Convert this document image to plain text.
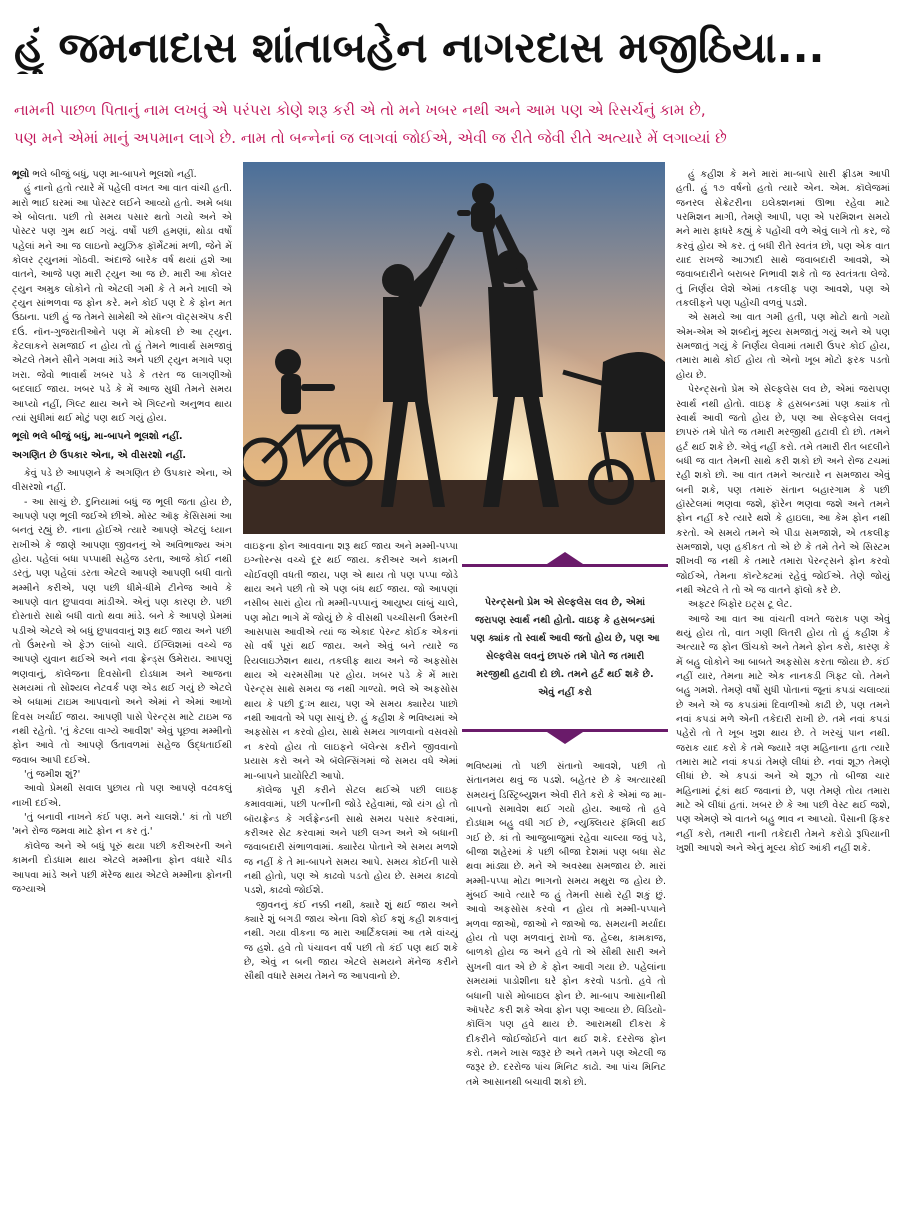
હું જમનાદાસ શાંતાબહેન નાગરદાસ મજીઠિયા...
નામની પાછળ પિતાનું નામ લખવું એ પરંપરા કોણે શરૂ કરી એ તો મને ખબર નથી અને આમ પણ એ રિસર્ચનું કામ છે,
પણ મને એમાં માનું અપમાન લાગે છે. નામ તો બન્નેનાં જ લાગવાં જોઈએ, એવી જ રીતે જેવી રીતે અત્યારે મેં લગાવ્યાં છે

ભૂલો ભલે બીજું બધું, પણ મા-બાપને ભૂલશો નહીં.

હું નાનો હતો ત્યારે મેં પહેલી વખત આ વાત વાંચી હતી. મારો ભાઈ ઘરમાં આ પોસ્ટર લઈને આવ્યો હતો. અમે બધા એ બોલતા. પછી તો સમય પસાર થતો ગયો અને એ પોસ્ટર પણ ગુમ થઈ ગયું. વર્ષો પછી હમણાં, થોડા વર્ષો પહેલાં મને આ જ લાઇનો મ્યુઝિક ફૉર્મેટમાં મળી, જેને મેં કોલર ટ્યુનમાં ગોઠવી. અંદાજે બારેક વર્ષ થયાં હશે આ વાતને, આજે પણ મારી ટ્યુન આ જ છે. મારી આ કોલર ટ્યુન અમુક લોકોને તો એટલી ગમી કે તે મને ખાલી એ ટ્યુન સાંભળવા જ ફોન કરે. મને કોઈ પણ દે કે ફોન મત ઉઠાના. પછી હું જ તેમને સામેથી એ સૉન્ગ વૉટ્સઍપ કરી દઉં. નૉન-ગુજરાતીઓને પણ મેં મોકલી છે આ ટ્યુન. કેટલાકને સમજાઈ ન હોય તો હું તેમને ભાવાર્થ સમજાવું એટલે તેમને સૌને ગમવા માંડે અને પછી ટ્યુન મગાવે પણ ખરા. જેવો ભાવાર્થ ખબર પડે કે તરત જ લાગણીઓ બદલાઈ જાય. ખબર પડે કે મેં આજ સુધી તેમને સમય આપ્યો નહીં, ગિલ્ટ થાય અને એ ગિલ્ટનો અનુભવ થાય ત્યાં સુધીમાં થઈ મોટું પણ થઈ ગયું હોય.

ભૂલો ભલે બીજું બધું, મા-બાપને ભૂલશો નહીં.

અગણિત છે ઉપકાર એના, એ વીસરશો નહીં.

કેવું પડે છે આપણને કે અગણિત છે ઉપકાર એના, એ વીસરશો નહીં.

- આ સાચું છે. દુનિયામાં બધું જ ભૂલી જતા હોય છે, આપણે પણ ભૂલી જઈએ છીએ. મોસ્ટ ઑફ કેસિસમાં આ બનતું રહ્યું છે. નાના હોઈએ ત્યારે આપણે એટલું ધ્યાન રાખીએ કે જાણે આપણા જીવનનું એ અવિભાજ્ય અંગ હોય. પહેલાં બધા પપ્પાથી સહેજ ડરતા, આજે કોઈ નથી ડરતું, પણ પહેલાં ડરતા એટલે આપણે આપણી બધી વાતો મમ્મીને કરીએ, પણ પછી ધીમે-ધીમે ટીનેજ આવે કે આપણે વાત છુપાવવા માંડીએ. એનું પણ કારણ છે. પછી દોસ્તારો સાથે બધી વાતો થવા માંડે. બને કે આપણે પ્રેમમાં પડીએ એટલે એ બધું છુપાવવાનું શરૂ થઈ જાય અને પછી તો ઉંમરનો એ ફેઝ લાંબો ચાલે. ઈંગ્લિશમાં વચ્ચે જ આપણે યુવાન થઈએ અને નવા ફ્રેન્ડ્સ ઉમેરાય. આપણું ભણવાનું, કૉલેજના દિવસોની દોડધામ અને આજના સમયમાં તો સોશ્યલ નેટવર્ક પણ એડ થઈ ગયું છે એટલે એ બધામાં ટાઇમ આપવાનો અને એમાં ને એમાં આખો દિવસ ખર્ચાઈ જાય. આપણી પાસે પેરન્ટ્સ માટે ટાઇમ જ નથી રહેતો. 'તું કેટલા વાગ્યે આવીશ' એવું પૂછવા મમ્મીનો ફોન આવે તો આપણે ઉતાવળમાં સહેજ ઉદ્ધતાઈથી જવાબ આપી દઈએ.

'તું જમીશ શું?'

આવો પ્રેમથી સવાલ પુછાય તો પણ આપણે વઢવકલું નાખી દઈએ.

'તું બનાવી નાખને કંઈ પણ. મને ચાલશે.' કાં તો પછી 'મને રોજ જમવા માટે ફોન ન કર તું.'

કૉલેજ અને એ બધું પૂરું થયા પછી કરીઅરની અને કામની દોડધામ થાય એટલે મમ્મીના ફોન વધારે ચીડ આપવા માંડે અને પછી મૅરેજ થાય એટલે મમ્મીના ફોનની જગ્યાએ

વાઇફના ફોન આવવાના શરૂ થઈ જાય અને મમ્મી-પપ્પા ઇગ્નોરન્સ વચ્ચે દૂર થઈ જાય. કરીઅર અને કામની ચોઈવણી વધતી જાય, પણ એ થાય તો પણ પપ્પા જોડે થાય અને પછી તો એ પણ બંધ થઈ જાય. જો આપણાં નસીબ સારાં હોય તો મમ્મી-પપ્પાનું આયુષ્ય લાંબું ચાલે, પણ મોટા ભાગે મેં જોયું છે કે વીસથી પચ્ચીસની ઉંમરની આસપાસ આવીએ ત્યાં જ એકાદ પેરન્ટ કોઈક એકનાં સો વર્ષ પૂરાં થઈ જાય. અને એવું બને ત્યારે જ રિયલાઇઝેશન થાય, તકલીફ થાય અને જે અફસોસ થાય એ ચરમસીમા પર હોય. ખબર પડે કે મેં મારા પેરન્ટ્સ સાથે સમય જ નથી ગાળ્યો. ભલે એ અફસોસ થાય કે પછી દુઃખ થાય, પણ એ સમય ક્યારેય પાછો નથી આવતો એ પણ સાચું છે. હું કહીશ કે ભવિષ્યમાં એ અફસોસ ન કરવો હોય, સાથે સમય ગાળવાનો વસવસો ન કરવો હોય તો લાઇફને બૅલેન્સ કરીને જીવવાનો પ્રયાસ કરો અને એ બૅલેન્સિંગમાં જે સમય વધે એમાં મા-બાપને પ્રાયોરિટી આપો.

કૉલેજ પૂરી કરીને સેટલ થઈએ પછી લાઇફ કમાવવામાં, પછી પત્નીની જોડે રહેવામાં, જો યંગ હો તો બૉયફ્રેન્ડ કે ગર્લફ્રેન્ડની સાથે સમય પસાર કરવામાં, કરીઅર સેટ કરવામાં અને પછી લગ્ન અને એ બધાની જવાબદારી સંભાળવામાં. ક્યારેય પોતાને એ સમય મળશે જ નહીં કે તે મા-બાપને સમય આપે. સમય કોઈની પાસે નથી હોતો, પણ એ કાઢવો પડતો હોય છે. સમય કાઢવો પડશે, કાઢવો જોઈશે.

જીવનનું કંઈ નક્કી નથી, ક્યારે શું થઈ જાય અને ક્યારે શું બગડી જાય એના વિશે કોઈ કશું કહી શકવાનું નથી. ગયા વીકના જ મારા આર્ટિકલમાં આ તમે વાંચ્યું જ હશે. હવે તો પંચાવન વર્ષ પછી તો કંઈ પણ થઈ શકે છે, એવું ન બની જાય એટલે સમયને મૅનેજ કરીને સૌથી વધારે સમય તેમને જ આપવાનો છે.

પેરન્ટ્સનો પ્રેમ એ સેલ્ફલેસ લવ છે, એમાં જરાપણ સ્વાર્થ નથી હોતો. વાઇફ કે હસબન્ડમાં પણ ક્યાંક તો સ્વાર્થ આવી જતો હોય છે, પણ આ સેલ્ફલેસ લવનું છાપરું તમે પોતે જ તમારી મરજીથી હટાવી દો છો. તમને હર્ટ થઈ શકે છે. એવું નહીં કરો

ભવિષ્યમાં તો પછી સંતાનો આવશે, પછી તો સંતાનમય થવું જ પડશે. બહેતર છે કે અત્યારથી સમયનું ડિસ્ટ્રિબ્યુશન એવી રીતે કરો કે એમાં જ મા-બાપનો સમાવેશ થઈ ગયો હોય. આજે તો હવે દોડધામ બહુ વધી ગઈ છે, ન્યુક્લિયર ફૅમિલી થઈ ગઈ છે. કાં તો આજુબાજુમાં રહેવા ચાલ્યા જવું પડે, બીજા શહેરમાં કે પછી બીજા દેશમાં પણ બધા સેટ થવા માંડ્યા છે. મને એ અવસ્થા સમજાય છે. મારાં મમ્મી-પપ્પા મોટા ભાગનો સમય મથુરા જ હોય છે. મુંબઈ આવે ત્યારે જ હું તેમની સાથે રહી શકું છું. આવો અફસોસ કરવો ન હોય તો મમ્મી-પપ્પાને મળવા જાઓ, જાઓ ને જાઓ જ. સમયની મર્યાદા હોય તો પણ મળવાનું રાખો જ. હેલ્થ, કામકાજ, બાળકો હોય જ અને હવે તો એ સૌથી સારી અને સુખની વાત એ છે કે ફોન આવી ગયા છે. પહેલાંના સમયમાં પાડોશીના ઘરે ફોન કરવો પડતો. હવે તો બધાની પાસે મોબાઇલ ફોન છે. મા-બાપ આસાનીથી ઑપરેટ કરી શકે એવા ફોન પણ આવ્યા છે. વિડિયો-કૉલિંગ પણ હવે થાય છે. આરામથી દીકરા કે દીકરીને જોઈજોઈને વાત થઈ શકે. દરરોજ ફોન કરો. તમને ખાસ જરૂર છે અને તમને પણ એટલી જ જરૂર છે. દરરોજ પાંચ મિનિટ કાઢો. આ પાંચ મિનિટ તમે આસાનથી બચાવી શકો છો.

હું કહીશ કે મને મારાં મા-બાપે સારી ફ્રીડમ આપી હતી. હું ૧૭ વર્ષનો હતો ત્યારે એન. એમ. કૉલેજમાં જનરલ સેક્રેટરીના ઇલેક્શનમાં ઊભા રહેવા માટે પરમિશન માગી, તેમણે આપી, પણ એ પરમિશન સમયે મને મારા ફાધરે કહ્યું કે પહોંચી વળે એવું લાગે તો કર, જે કરવું હોય એ કર. તું બધી રીતે સ્વતંત્ર છો, પણ એક વાત યાદ રાખજે આઝાદી સાથે જવાબદારી આવશે, એ જવાબદારીને બરાબર નિભાવી શકે તો જ સ્વતંત્રતા લેજે. તું નિર્ણય લેશે એમાં તકલીફ પણ આવશે, પણ એ તકલીફને પણ પહોંચી વળવું પડશે.

એ સમયે આ વાત ગમી હતી, પણ મોટો થતો ગયો એમ-એમ એ શબ્દોનું મૂલ્ય સમજાતું ગયું અને એ પણ સમજાતું ગયું કે નિર્ણય લેવામાં તમારી ઉપર કોઈ હોય, તમારા માથે કોઈ હોય તો એનો ખૂબ મોટો ફરક પડતો હોય છે.

પેરન્ટ્સનો પ્રેમ એ સેલ્ફલેસ લવ છે, એમાં જરાપણ સ્વાર્થ નથી હોતો. વાઇફ કે હસબન્ડમાં પણ ક્યાંક તો સ્વાર્થ આવી જતો હોય છે, પણ આ સેલ્ફલેસ લવનું છાપરું તમે પોતે જ તમારી મરજીથી હટાવી દો છો. તમને હર્ટ થઈ શકે છે. એવું નહીં કરો. તમે તમારી રીત બદલીને બધી જ વાત તેમની સાથે કરી શકો છો અને રોજ ટચમાં રહી શકો છો. આ વાત તમને અત્યારે ન સમજાય એવું બની શકે, પણ તમારું સંતાન બહારગામ કે પછી હૉસ્ટેલમાં ભણવા જશે, ફૉરેન ભણવા જશે અને તમને ફોન નહીં કરે ત્યારે થશે કે હાઇલા, આ કેમ ફોન નથી કરતો. એ સમયે તમને એ પીડા સમજાશે, એ તકલીફ સમજાશે, પણ હકીકત તો એ છે કે તમે તેને એ સિસ્ટમ શીખવી જ નથી કે તમારે તમારા પેરન્ટ્સને ફોન કરવો જોઈએ, તેમના કૉન્ટેક્ટમાં રહેવું જોઈએ. તેણે જોયું નથી એટલે તે તો એ જ વાતને ફૉલો કરે છે.

અફ્ટર બિફોર ઇટ્સ ટૂ લેટ.

આજે આ વાત આ વાંચતી વખતે જરાક પણ એવું થયું હોય તો, વાત ગણી લિતરી હોય તો હું કહીશ કે અત્યારે જ ફોન ઊંચકો અને તેમને ફોન કરો, કારણ કે મેં બહુ લોકોને આ બાબતે અફસોસ કરતા જોયા છે. કંઈ નહીં યાર, તેમના માટે એક નાનકડી ગિફ્ટ લો. તેમને બહુ ગમશે. તેમણે વર્ષો સુધી પોતાનાં જૂનાં કપડાં ચલાવ્યાં છે અને એ જ કપડાંમાં દિવાળીઓ કાઢી છે, પણ તમને નવાં કપડાં મળે એની તકેદારી રાખી છે. તમે નવાં કપડાં પહેરો તો તે ખૂબ ખુશ થાય છે. તે ખરચું પાન નથી. જરાક યાદ કરો કે તમે જ્યારે ત્રણ મહિનાના હતા ત્યારે તમારા માટે નવાં કપડાં તેમણે લીધાં છે. નવાં શૂઝ તેમણે લીધાં છે. એ કપડાં અને એ શૂઝ તો બીજા ચાર મહિનામાં ટૂંકાં થઈ જવાનાં છે, પણ તેમણે તોય તમારા માટે એ લીધાં હતાં. ખબર છે કે આ પછી વેસ્ટ થઈ જશે, પણ એમણે એ વાતને બહુ ભાવ ન આપ્યો. પૈસાની ફિકર નહીં કરો, તમારી નાની તકેદારી તેમને કરોડો રૂપિયાની ખુશી આપશે અને એનું મૂલ્ય કોઈ આંકી નહીં શકે.
